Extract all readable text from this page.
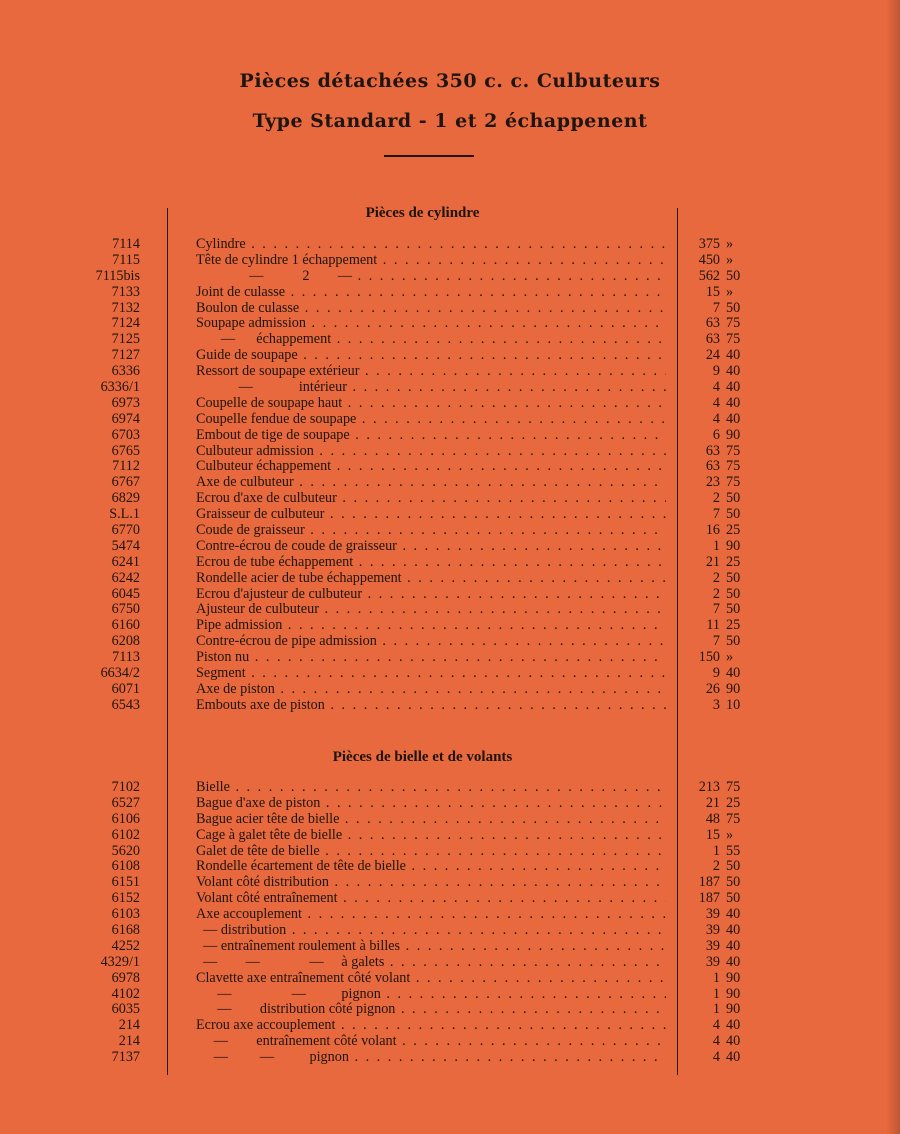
Pièces détachées 350 c. c. Culbuteurs
Type Standard - 1 et 2 échappenent
Pièces de cylindre
7114	Cylindre . . .	375 »
7115	Tête de cylindre 1 échappement . . .	450 »
7115bis	—           2        — . . .	562 50
7133	Joint de culasse . . .	15 »
7132	Boulon de culasse . . .	7 50
7124	Soupape admission . . .	63 75
7125	—      échappement . . .	63 75
7127	Guide de soupape . . .	24 40
6336	Ressort de soupape extérieur . . .	9 40
6336/1	—             intérieur . . .	4 40
6973	Coupelle de soupape haut . . .	4 40
6974	Coupelle fendue de soupape . . .	4 40
6703	Embout de tige de soupape . . .	6 90
6765	Culbuteur admission . . .	63 75
7112	Culbuteur échappement . . .	63 75
6767	Axe de culbuteur . . .	23 75
6829	Ecrou d'axe de culbuteur . . .	2 50
S.L.1	Graisseur de culbuteur . . .	7 50
6770	Coude de graisseur . . .	16 25
5474	Contre-écrou de coude de graisseur . . .	1 90
6241	Ecrou de tube échappement . . .	21 25
6242	Rondelle acier de tube échappement . . .	2 50
6045	Ecrou d'ajusteur de culbuteur . . .	2 50
6750	Ajusteur de culbuteur . . .	7 50
6160	Pipe admission . . .	11 25
6208	Contre-écrou de pipe admission . . .	7 50
7113	Piston nu . . .	150 »
6634/2	Segment . . .	9 40
6071	Axe de piston . . .	26 90
6543	Embouts axe de piston . . .	3 10
Pièces de bielle et de volants
7102	Bielle . . .	213 75
6527	Bague d'axe de piston . . .	21 25
6106	Bague acier tête de bielle . . .	48 75
6102	Cage à galet tête de bielle . . .	15 »
5620	Galet de tête de bielle . . .	1 55
6108	Rondelle écartement de tête de bielle . . .	2 50
6151	Volant côté distribution . . .	187 50
6152	Volant côté entraînement . . .	187 50
6103	Axe accouplement . . .	39 40
6168	— distribution . . .	39 40
4252	— entraînement roulement à billes . . .	39 40
4329/1	—        —              —     à galets . . .	39 40
6978	Clavette axe entraînement côté volant . . .	1 90
4102	—                 —          pignon . . .	1 90
6035	—        distribution côté pignon . . .	1 90
214	Ecrou axe accouplement . . .	4 40
214	—        entraînement côté volant . . .	4 40
7137	—         —          pignon . . .	4 40
